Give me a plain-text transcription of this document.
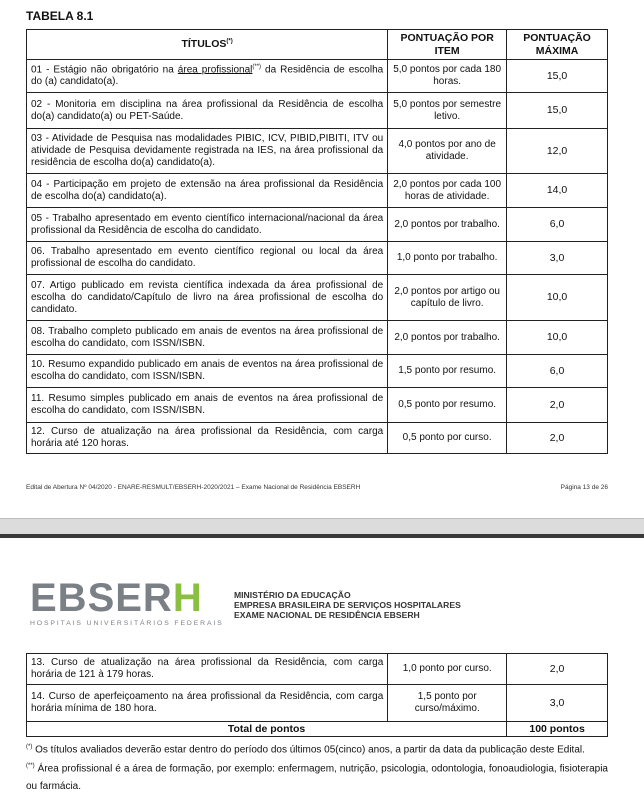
TABELA 8.1
TÍTULOS(*)	PONTUAÇÃO POR ITEM	PONTUAÇÃO MÁXIMA
01 - Estágio não obrigatório na área profissional(**) da Residência de escolha do (a) candidato(a).	5,0 pontos por cada 180 horas.	15,0
02 - Monitoria em disciplina na área profissional da Residência de escolha do(a) candidato(a) ou PET-Saúde.	5,0 pontos por semestre letivo.	15,0
03 - Atividade de Pesquisa nas modalidades PIBIC, ICV, PIBID,PIBITI, ITV ou atividade de Pesquisa devidamente registrada na IES, na área profissional da residência de escolha do(a) candidato(a).	4,0 pontos por ano de atividade.	12,0
04 - Participação em projeto de extensão na área profissional da Residência de escolha do(a) candidato(a).	2,0 pontos por cada 100 horas de atividade.	14,0
05 - Trabalho apresentado em evento científico internacional/nacional da área profissional da Residência de escolha do candidato.	2,0 pontos por trabalho.	6,0
06. Trabalho apresentado em evento científico regional ou local da área profissional de escolha do candidato.	1,0 ponto por trabalho.	3,0
07. Artigo publicado em revista científica indexada da área profissional de escolha do candidato/Capítulo de livro na área profissional de escolha do candidato.	2,0 pontos por artigo ou capítulo de livro.	10,0
08. Trabalho completo publicado em anais de eventos na área profissional de escolha do candidato, com ISSN/ISBN.	2,0 pontos por trabalho.	10,0
10. Resumo expandido publicado em anais de eventos na área profissional de escolha do candidato, com ISSN/ISBN.	1,5 ponto por resumo.	6,0
11. Resumo simples publicado em anais de eventos na área profissional de escolha do candidato, com ISSN/ISBN.	0,5 ponto por resumo.	2,0
12. Curso de atualização na área profissional da Residência, com carga horária até 120 horas.	0,5 ponto por curso.	2,0
Edital de Abertura Nº 04/2020 - ENARE-RESMULT/EBSERH-2020/2021 – Exame Nacional de Residência EBSERH	Página 13 de 26
EBSERH
HOSPITAIS UNIVERSITÁRIOS FEDERAIS
MINISTÉRIO DA EDUCAÇÃO
EMPRESA BRASILEIRA DE SERVIÇOS HOSPITALARES
EXAME NACIONAL DE RESIDÊNCIA EBSERH
13. Curso de atualização na área profissional da Residência, com carga horária de 121 à 179 horas.	1,0 ponto por curso.	2,0
14. Curso de aperfeiçoamento na área profissional da Residência, com carga horária mínima de 180 hora.	1,5 ponto por curso/máximo.	3,0
Total de pontos		100 pontos
(*) Os títulos avaliados deverão estar dentro do período dos últimos 05(cinco) anos, a partir da data da publicação deste Edital.
(**) Área profissional é a área de formação, por exemplo: enfermagem, nutrição, psicologia, odontologia, fonoaudiologia, fisioterapia ou farmácia.
